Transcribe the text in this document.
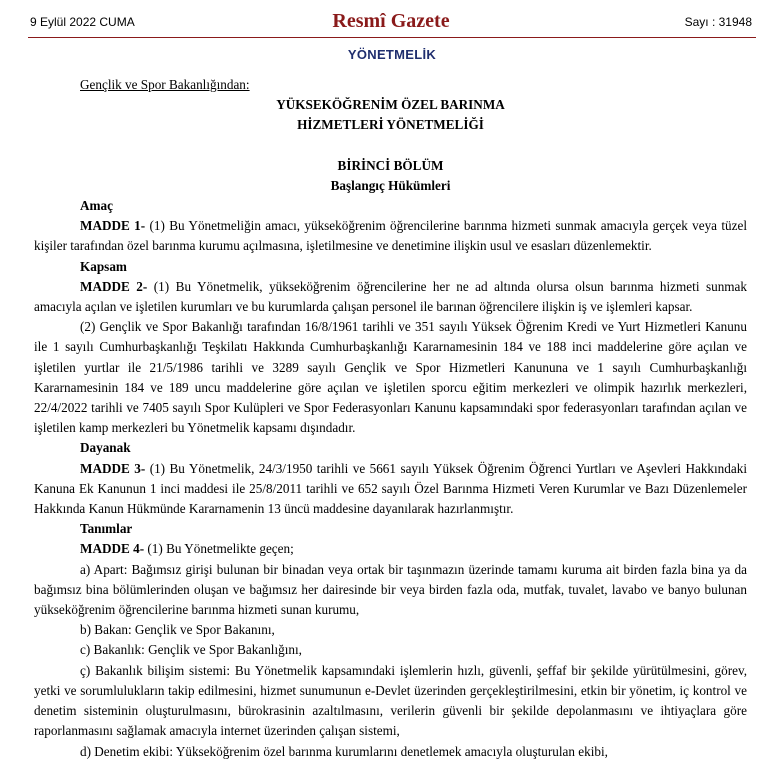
9 Eylül 2022 CUMA	Resmî Gazete	Sayı : 31948
YÖNETMELİK

Gençlik ve Spor Bakanlığından:

YÜKSEKÖĞRENİM ÖZEL BARINMA

HİZMETLERİ YÖNETMELİĞİ

BİRİNCİ BÖLÜM

Başlangıç Hükümleri

Amaç

MADDE 1- (1) Bu Yönetmeliğin amacı, yükseköğrenim öğrencilerine barınma hizmeti sunmak amacıyla gerçek veya tüzel kişiler tarafından özel barınma kurumu açılmasına, işletilmesine ve denetimine ilişkin usul ve esasları düzenlemektir.

Kapsam

MADDE 2- (1) Bu Yönetmelik, yükseköğrenim öğrencilerine her ne ad altında olursa olsun barınma hizmeti sunmak amacıyla açılan ve işletilen kurumları ve bu kurumlarda çalışan personel ile barınan öğrencilere ilişkin iş ve işlemleri kapsar.

(2) Gençlik ve Spor Bakanlığı tarafından 16/8/1961 tarihli ve 351 sayılı Yüksek Öğrenim Kredi ve Yurt Hizmetleri Kanunu ile 1 sayılı Cumhurbaşkanlığı Teşkilatı Hakkında Cumhurbaşkanlığı Kararnamesinin 184 ve 188 inci maddelerine göre açılan ve işletilen yurtlar ile 21/5/1986 tarihli ve 3289 sayılı Gençlik ve Spor Hizmetleri Kanununa ve 1 sayılı Cumhurbaşkanlığı Kararnamesinin 184 ve 189 uncu maddelerine göre açılan ve işletilen sporcu eğitim merkezleri ve olimpik hazırlık merkezleri, 22/4/2022 tarihli ve 7405 sayılı Spor Kulüpleri ve Spor Federasyonları Kanunu kapsamındaki spor federasyonları tarafından açılan ve işletilen kamp merkezleri bu Yönetmelik kapsamı dışındadır.

Dayanak

MADDE 3- (1) Bu Yönetmelik, 24/3/1950 tarihli ve 5661 sayılı Yüksek Öğrenim Öğrenci Yurtları ve Aşevleri Hakkındaki Kanuna Ek Kanunun 1 inci maddesi ile 25/8/2011 tarihli ve 652 sayılı Özel Barınma Hizmeti Veren Kurumlar ve Bazı Düzenlemeler Hakkında Kanun Hükmünde Kararnamenin 13 üncü maddesine dayanılarak hazırlanmıştır.

Tanımlar

MADDE 4- (1) Bu Yönetmelikte geçen;

a) Apart: Bağımsız girişi bulunan bir binadan veya ortak bir taşınmazın üzerinde tamamı kuruma ait birden fazla bina ya da bağımsız bina bölümlerinden oluşan ve bağımsız her dairesinde bir veya birden fazla oda, mutfak, tuvalet, lavabo ve banyo bulunan yükseköğrenim öğrencilerine barınma hizmeti sunan kurumu,

b) Bakan: Gençlik ve Spor Bakanını,

c) Bakanlık: Gençlik ve Spor Bakanlığını,

ç) Bakanlık bilişim sistemi: Bu Yönetmelik kapsamındaki işlemlerin hızlı, güvenli, şeffaf bir şekilde yürütülmesini, görev, yetki ve sorumlulukların takip edilmesini, hizmet sunumunun e-Devlet üzerinden gerçekleştirilmesini, etkin bir yönetim, iç kontrol ve denetim sisteminin oluşturulmasını, bürokrasinin azaltılmasını, verilerin güvenli bir şekilde depolanmasını ve ihtiyaçlara göre raporlanmasını sağlamak amacıyla internet üzerinden çalışan sistemi,

d) Denetim ekibi: Yükseköğrenim özel barınma kurumlarını denetlemek amacıyla oluşturulan ekibi,
